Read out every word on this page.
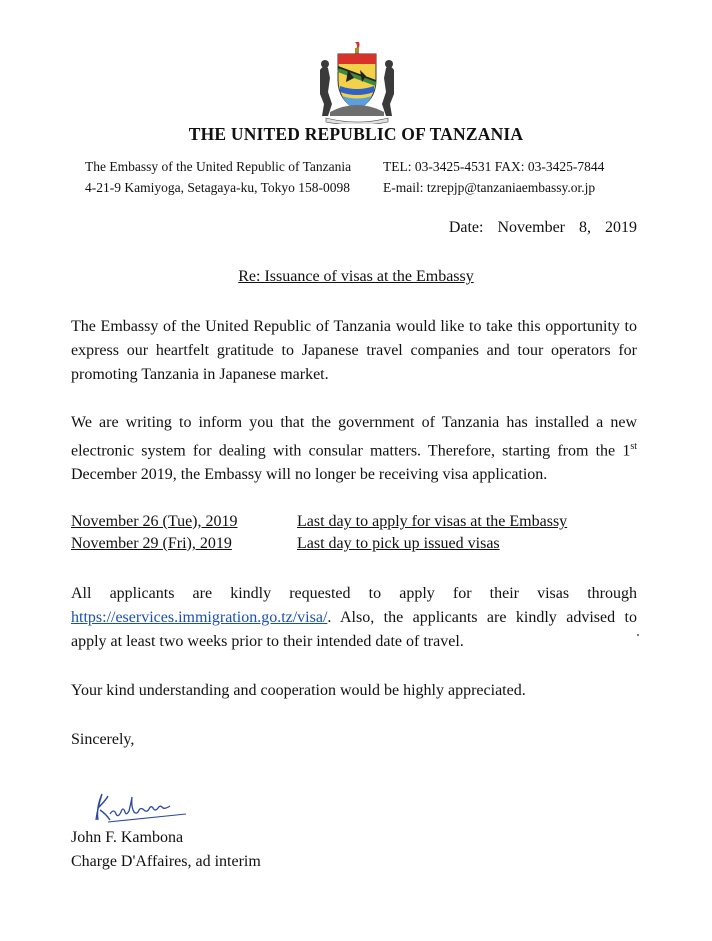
THE UNITED REPUBLIC OF TANZANIA
The Embassy of the United Republic of Tanzania
4-21-9 Kamiyoga, Setagaya-ku, Tokyo 158-0098
TEL: 03-3425-4531 FAX: 03-3425-7844
E-mail: tzrepjp@tanzaniaembassy.or.jp
Date:  November  8,  2019
Re: Issuance of visas at the Embassy
The Embassy of the United Republic of Tanzania would like to take this opportunity to express our heartfelt gratitude to Japanese travel companies and tour operators for promoting Tanzania in Japanese market.
We are writing to inform you that the government of Tanzania has installed a new electronic system for dealing with consular matters. Therefore, starting from the 1st December 2019, the Embassy will no longer be receiving visa application.
November 26 (Tue), 2019	Last day to apply for visas at the Embassy
November 29 (Fri), 2019	Last day to pick up issued visas
All applicants are kindly requested to apply for their visas through
https://eservices.immigration.go.tz/visa/. Also, the applicants are kindly advised to apply at least two weeks prior to their intended date of travel.
Your kind understanding and cooperation would be highly appreciated.
Sincerely,
John F. Kambona
Charge D'Affaires, ad interim
